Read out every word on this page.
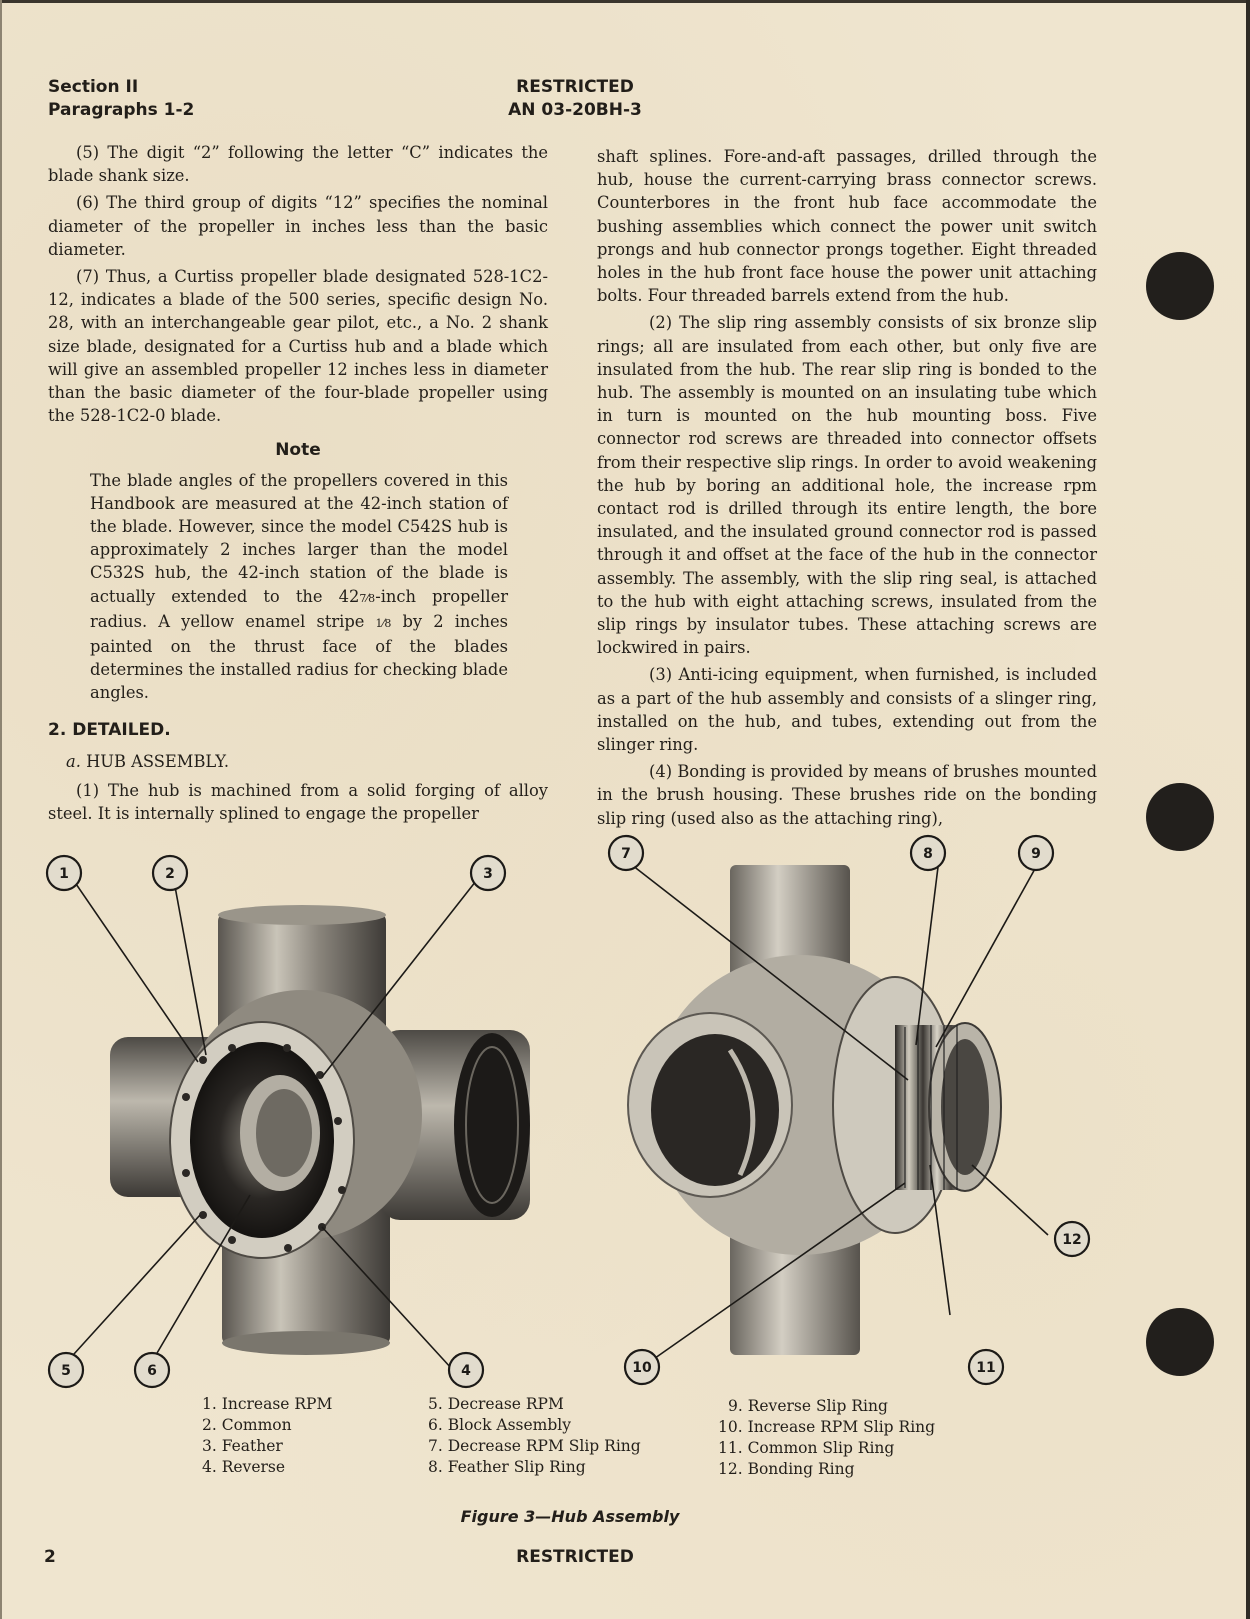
Section II
Paragraphs 1-2
RESTRICTED
AN 03-20BH-3

(5) The digit “2” following the letter “C” indicates the blade shank size.

(6) The third group of digits “12” specifies the nominal diameter of the propeller in inches less than the basic diameter.

(7) Thus, a Curtiss propeller blade designated 528-1C2-12, indicates a blade of the 500 series, specific design No. 28, with an interchangeable gear pilot, etc., a No. 2 shank size blade, designated for a Curtiss hub and a blade which will give an assembled propeller 12 inches less in diameter than the basic diameter of the four-blade propeller using the 528-1C2-0 blade.

Note

The blade angles of the propellers covered in this Handbook are measured at the 42-inch station of the blade. However, since the model C542S hub is approximately 2 inches larger than the model C532S hub, the 42-inch station of the blade is actually extended to the 427⁄8-inch propeller radius. A yellow enamel stripe 1⁄8 by 2 inches painted on the thrust face of the blades determines the installed radius for checking blade angles.

2. DETAILED.

a. HUB ASSEMBLY.

(1) The hub is machined from a solid forging of alloy steel. It is internally splined to engage the propeller

shaft splines. Fore-and-aft passages, drilled through the hub, house the current-carrying brass connector screws. Counterbores in the front hub face accommodate the bushing assemblies which connect the power unit switch prongs and hub connector prongs together. Eight threaded holes in the hub front face house the power unit attaching bolts. Four threaded barrels extend from the hub.

(2) The slip ring assembly consists of six bronze slip rings; all are insulated from each other, but only five are insulated from the hub. The rear slip ring is bonded to the hub. The assembly is mounted on an insulating tube which in turn is mounted on the hub mounting boss. Five connector rod screws are threaded into connector offsets from their respective slip rings. In order to avoid weakening the hub by boring an additional hole, the increase rpm contact rod is drilled through its entire length, the bore insulated, and the insulated ground connector rod is passed through it and offset at the face of the hub in the connector assembly. The assembly, with the slip ring seal, is attached to the hub with eight attaching screws, insulated from the slip rings by insulator tubes. These attaching screws are lockwired in pairs.

(3) Anti-icing equipment, when furnished, is included as a part of the hub assembly and consists of a slinger ring, installed on the hub, and tubes, extending out from the slinger ring.

(4) Bonding is provided by means of brushes mounted in the brush housing. These brushes ride on the bonding slip ring (used also as the attaching ring),

1	2	3
4
5	6
7	8	9
12
10	11
1. Increase RPM
2. Common
3. Feather
4. Reverse
5. Decrease RPM
6. Block Assembly
7. Decrease RPM Slip Ring
8. Feather Slip Ring
9. Reverse Slip Ring
10. Increase RPM Slip Ring
11. Common Slip Ring
12. Bonding Ring
Figure 3—Hub Assembly
2	RESTRICTED
